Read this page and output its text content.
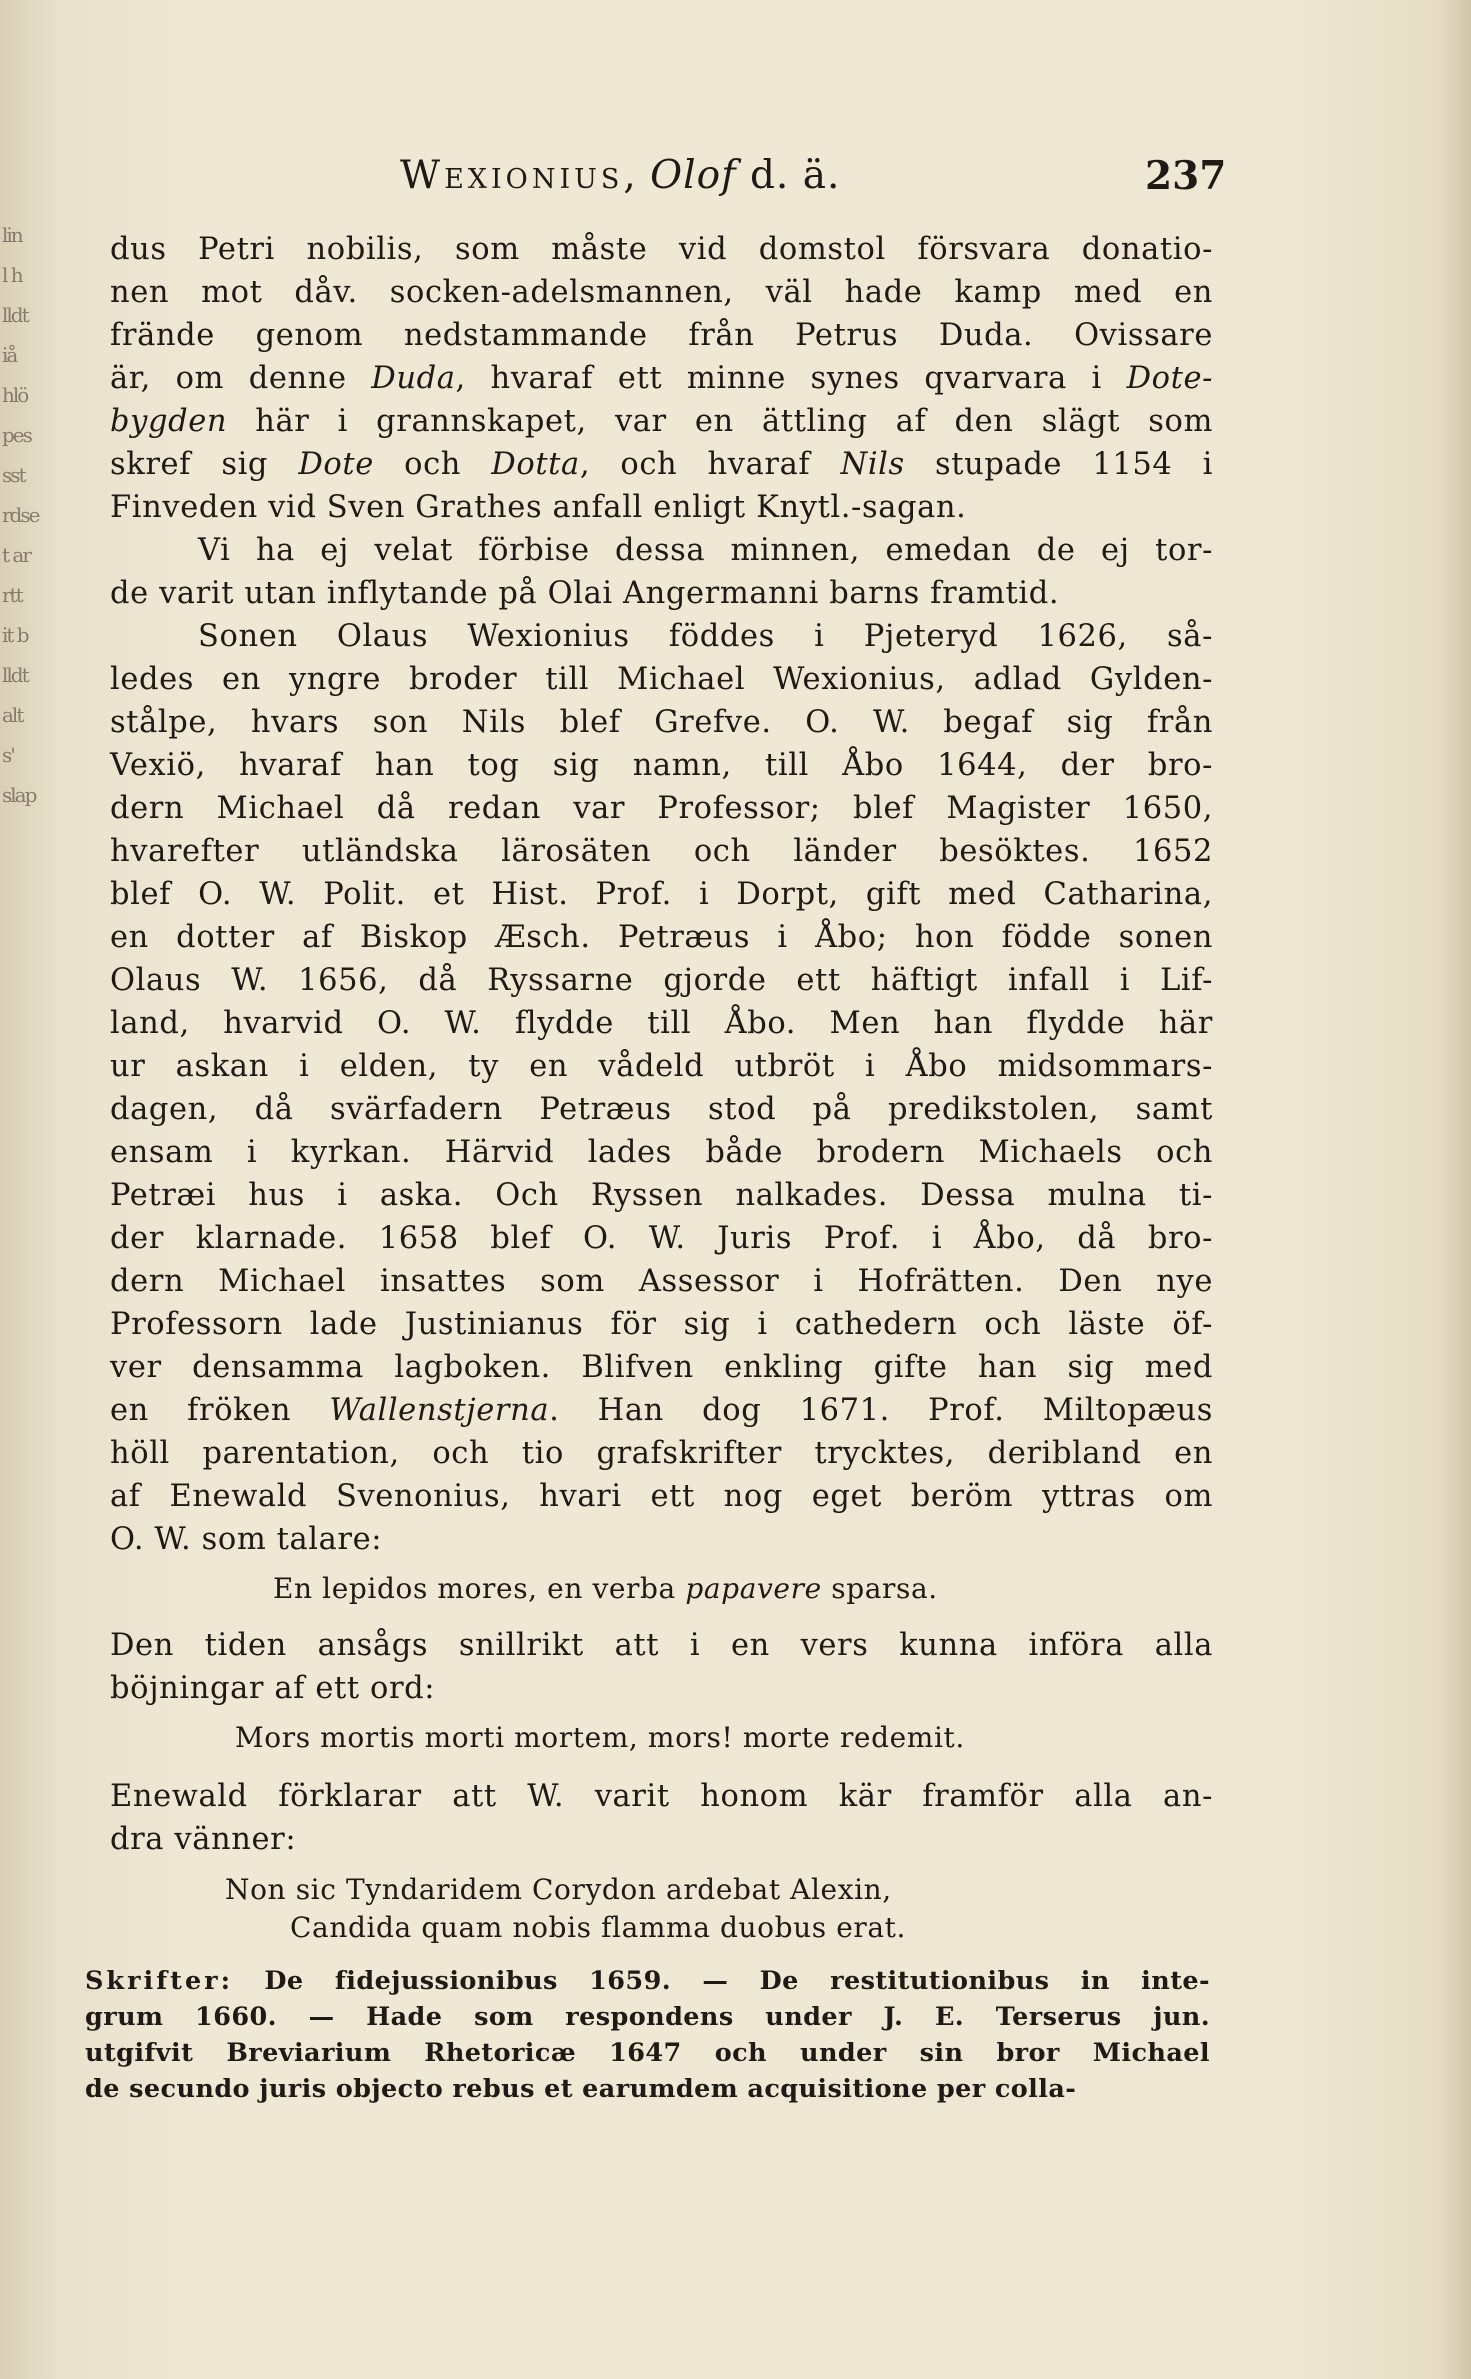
lin
l h
lldt
iå
hlö
pes
sst
rdse
t ar
rtt
it b
lldt
alt
s'
slap
Wexionius, Olof d. ä.	237
dus Petri nobilis, som måste vid domstol försvara donatio-
nen mot dåv. socken-adelsmannen, väl hade kamp med en
frände genom nedstammande från Petrus Duda. Ovissare
är, om denne Duda, hvaraf ett minne synes qvarvara i Dote-
bygden här i grannskapet, var en ättling af den slägt som
skref sig Dote och Dotta, och hvaraf Nils stupade 1154 i
Finveden vid Sven Grathes anfall enligt Knytl.-sagan.
Vi ha ej velat förbise dessa minnen, emedan de ej tor-
de varit utan inflytande på Olai Angermanni barns framtid.
Sonen Olaus Wexionius föddes i Pjeteryd 1626, så-
ledes en yngre broder till Michael Wexionius, adlad Gylden-
stålpe, hvars son Nils blef Grefve. O. W. begaf sig från
Vexiö, hvaraf han tog sig namn, till Åbo 1644, der bro-
dern Michael då redan var Professor; blef Magister 1650,
hvarefter utländska lärosäten och länder besöktes. 1652
blef O. W. Polit. et Hist. Prof. i Dorpt, gift med Catharina,
en dotter af Biskop Æsch. Petræus i Åbo; hon födde sonen
Olaus W. 1656, då Ryssarne gjorde ett häftigt infall i Lif-
land, hvarvid O. W. flydde till Åbo. Men han flydde här
ur askan i elden, ty en vådeld utbröt i Åbo midsommars-
dagen, då svärfadern Petræus stod på predikstolen, samt
ensam i kyrkan. Härvid lades både brodern Michaels och
Petræi hus i aska. Och Ryssen nalkades. Dessa mulna ti-
der klarnade. 1658 blef O. W. Juris Prof. i Åbo, då bro-
dern Michael insattes som Assessor i Hofrätten. Den nye
Professorn lade Justinianus för sig i cathedern och läste öf-
ver densamma lagboken. Blifven enkling gifte han sig med
en fröken Wallenstjerna. Han dog 1671. Prof. Miltopæus
höll parentation, och tio grafskrifter trycktes, deribland en
af Enewald Svenonius, hvari ett nog eget beröm yttras om
O. W. som talare:
En lepidos mores, en verba papavere sparsa.
Den tiden ansågs snillrikt att i en vers kunna införa alla
böjningar af ett ord:
Mors mortis morti mortem, mors! morte redemit.
Enewald förklarar att W. varit honom kär framför alla an-
dra vänner:
Non sic Tyndaridem Corydon ardebat Alexin,
Candida quam nobis flamma duobus erat.
Skrifter: De fidejussionibus 1659. — De restitutionibus in inte-
grum 1660. — Hade som respondens under J. E. Terserus jun.
utgifvit Breviarium Rhetoricæ 1647 och under sin bror Michael
de secundo juris objecto rebus et earumdem acquisitione per colla-
